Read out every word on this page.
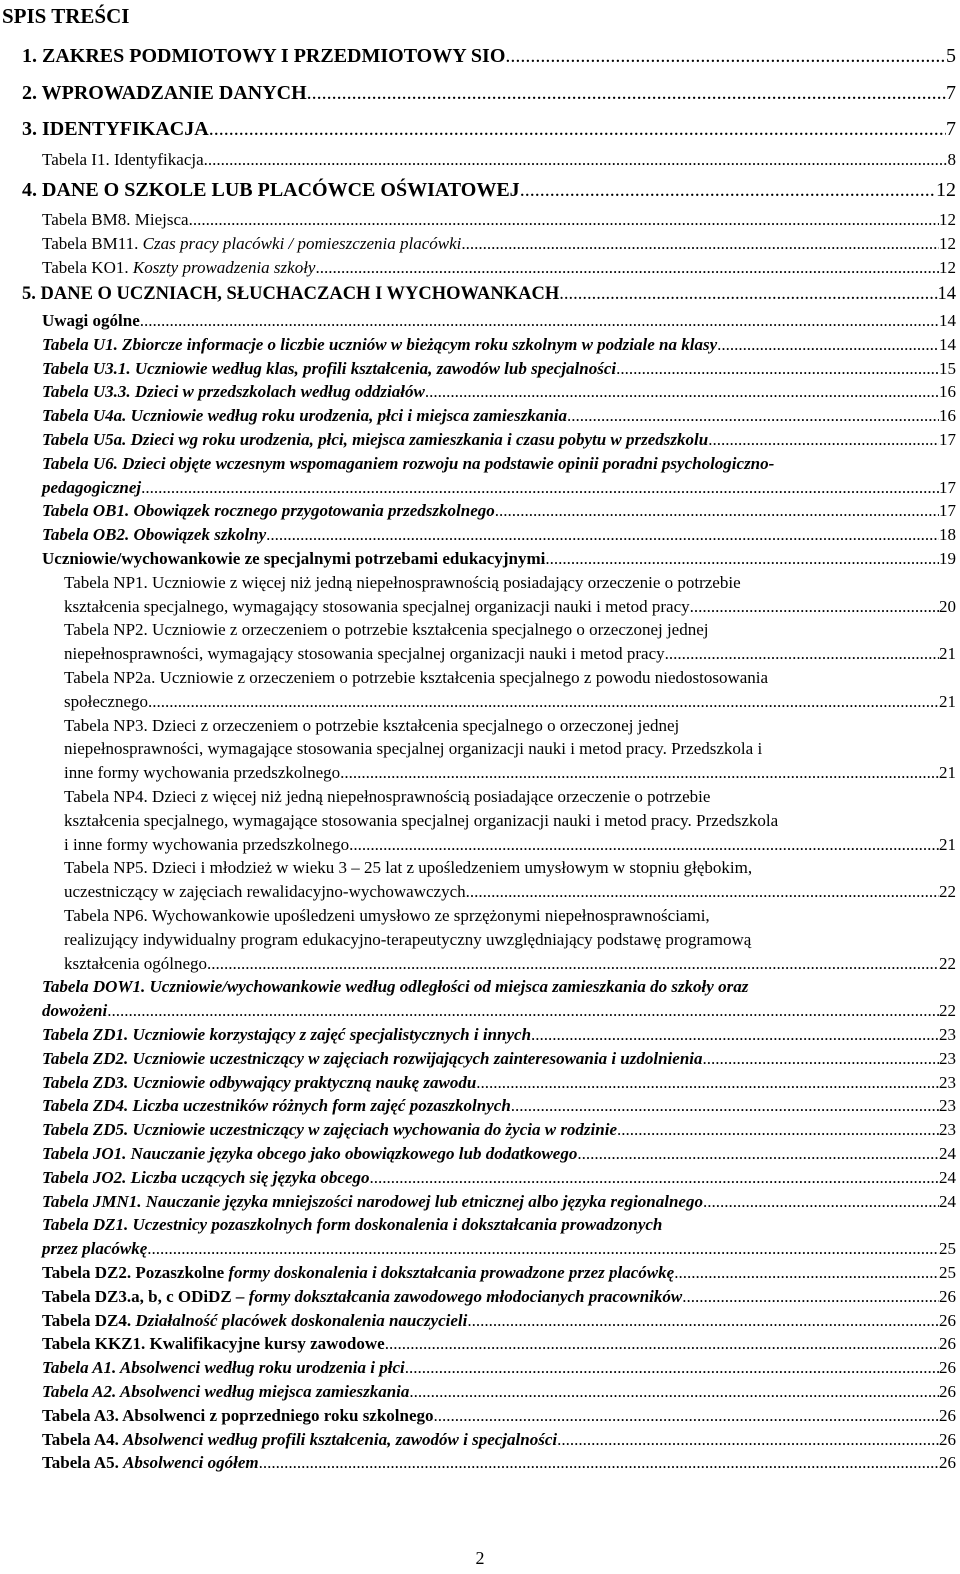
SPIS TREŚCI
1. ZAKRES PODMIOTOWY I PRZEDMIOTOWY SIO .....	5
2. WPROWADZANIE DANYCH .....	7
3. IDENTYFIKACJA .....	7
Tabela I1. Identyfikacja .....	8
4. DANE O SZKOLE LUB PLACÓWCE OŚWIATOWEJ .....	12
Tabela BM8. Miejsca .....	12
Tabela BM11. Czas pracy placówki / pomieszczenia placówki .....	12
Tabela KO1. Koszty prowadzenia szkoły .....	12
5. DANE O UCZNIACH, SŁUCHACZACH I WYCHOWANKACH .....	14
Uwagi ogólne .....	14
Tabela U1. Zbiorcze informacje o liczbie uczniów w bieżącym roku szkolnym w podziale na klasy .....	14
Tabela U3.1. Uczniowie według klas, profili kształcenia, zawodów lub specjalności .....	15
Tabela U3.3. Dzieci w przedszkolach według oddziałów .....	16
Tabela U4a. Uczniowie według roku urodzenia, płci i miejsca zamieszkania .....	16
Tabela U5a. Dzieci wg roku urodzenia, płci, miejsca zamieszkania i czasu pobytu w przedszkolu .....	17
Tabela U6. Dzieci objęte wczesnym wspomaganiem rozwoju na podstawie opinii poradni psychologiczno-
pedagogicznej .....	17
Tabela OB1. Obowiązek rocznego przygotowania przedszkolnego .....	17
Tabela OB2. Obowiązek szkolny .....	18
Uczniowie/wychowankowie ze specjalnymi potrzebami edukacyjnymi .....	19
Tabela NP1. Uczniowie z więcej niż jedną niepełnosprawnością posiadający orzeczenie o potrzebie
kształcenia specjalnego, wymagający stosowania specjalnej organizacji nauki i metod pracy .....	20
Tabela NP2. Uczniowie z orzeczeniem o potrzebie kształcenia specjalnego o orzeczonej jednej
niepełnosprawności, wymagający stosowania specjalnej organizacji nauki i metod pracy .....	21
Tabela NP2a. Uczniowie z orzeczeniem o potrzebie kształcenia specjalnego z powodu niedostosowania
społecznego .....	21
Tabela NP3. Dzieci z orzeczeniem o potrzebie kształcenia specjalnego o orzeczonej jednej
niepełnosprawności, wymagające stosowania specjalnej organizacji nauki i metod pracy. Przedszkola i
inne formy wychowania przedszkolnego .....	21
Tabela NP4. Dzieci z więcej niż jedną niepełnosprawnością posiadające orzeczenie o potrzebie
kształcenia specjalnego, wymagające stosowania specjalnej organizacji nauki i metod pracy. Przedszkola
i inne formy wychowania przedszkolnego .....	21
Tabela NP5. Dzieci i młodzież w wieku 3 – 25 lat z upośledzeniem umysłowym w stopniu głębokim,
uczestniczący w zajęciach rewalidacyjno-wychowawczych .....	22
Tabela NP6. Wychowankowie upośledzeni umysłowo ze sprzężonymi niepełnosprawnościami,
realizujący indywidualny program edukacyjno-terapeutyczny uwzględniający podstawę programową
kształcenia ogólnego .....	22
Tabela DOW1. Uczniowie/wychowankowie według odległości od miejsca zamieszkania do szkoły oraz
dowożeni .....	22
Tabela ZD1. Uczniowie korzystający z zajęć specjalistycznych i innych .....	23
Tabela ZD2. Uczniowie uczestniczący w zajęciach rozwijających zainteresowania i uzdolnienia .....	23
Tabela ZD3. Uczniowie odbywający praktyczną naukę zawodu .....	23
Tabela ZD4. Liczba uczestników różnych form zajęć pozaszkolnych .....	23
Tabela ZD5. Uczniowie uczestniczący w zajęciach wychowania do życia w rodzinie .....	23
Tabela JO1. Nauczanie języka obcego jako obowiązkowego lub dodatkowego .....	24
Tabela JO2. Liczba uczących się języka obcego .....	24
Tabela JMN1. Nauczanie języka mniejszości narodowej lub etnicznej albo języka regionalnego .....	24
Tabela DZ1. Uczestnicy pozaszkolnych form doskonalenia i dokształcania prowadzonych
przez placówkę .....	25
Tabela DZ2. Pozaszkolne formy doskonalenia i dokształcania prowadzone przez placówkę .....	25
Tabela DZ3.a, b, c ODiDZ – formy dokształcania zawodowego młodocianych pracowników .....	26
Tabela DZ4. Działalność placówek doskonalenia nauczycieli .....	26
Tabela KKZ1. Kwalifikacyjne kursy zawodowe .....	26
Tabela A1. Absolwenci według roku urodzenia i płci .....	26
Tabela A2. Absolwenci według miejsca zamieszkania .....	26
Tabela A3. Absolwenci z poprzedniego roku szkolnego .....	26
Tabela A4. Absolwenci według profili kształcenia, zawodów i specjalności .....	26
Tabela A5. Absolwenci ogółem .....	26
2
